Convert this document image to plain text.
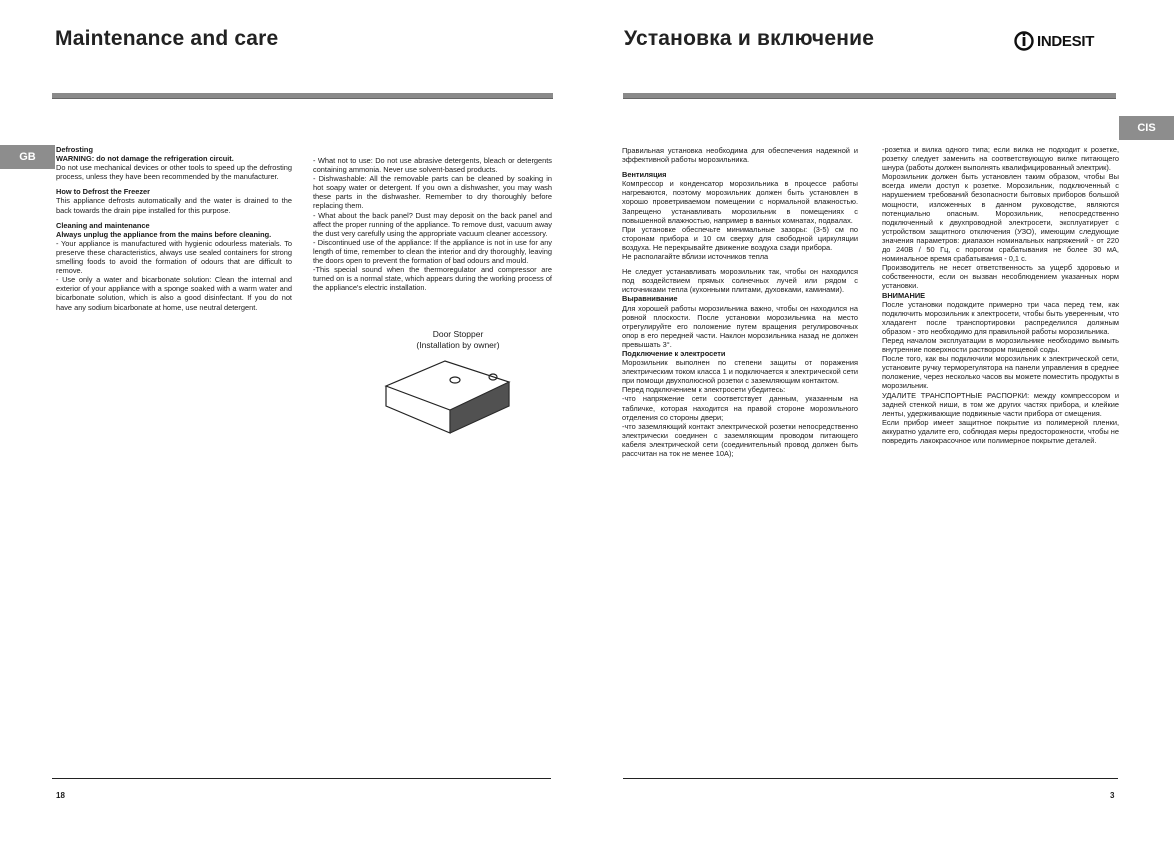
Maintenance and care
GB

Defrosting

WARNING: do not damage the refrigeration circuit.

Do not use mechanical devices or other tools to speed up the defrosting process, unless they have been recommended by the manufacturer.

How to Defrost the Freezer

This appliance defrosts automatically and the water is drained to the back towards the drain pipe installed for this purpose.

Cleaning and maintenance

Always unplug the appliance from the mains before cleaning.

- Your appliance is manufactured with hygienic odourless materials. To preserve these characteristics, always use sealed containers for strong smelling foods to avoid the formation of odours that are difficult to remove.

- Use only a water and bicarbonate solution: Clean the internal and exterior of your appliance with a sponge soaked with a warm water and bicarbonate solution, which is also a good disinfectant. If you do not have any sodium bicarbonate at home, use neutral detergent.

- What not to use: Do not use abrasive detergents, bleach or detergents containing ammonia. Never use solvent-based products.

- Dishwashable: All the removable parts can be cleaned by soaking in hot soapy water or detergent. If you own a dishwasher, you may wash these parts in the dishwasher. Remember to dry thoroughly before replacing them.

- What about the back panel? Dust may deposit on the back panel and affect the proper running of the appliance. To remove dust, vacuum away the dust very carefully using the appropriate vacuum cleaner accessory.

- Discontinued use of the appliance: If the appliance is not in use for any length of time, remember to clean the interior and dry thoroughly, leaving the doors open to prevent the formation of bad odours and mould.

-This special sound when the thermoregulator and compressor are turned on is a normal state, which appears during the working process of the appliance's electric installation.

Door Stopper
(Installation by owner)
18
Установка и включение	INDESIT
CIS

Правильная установка необходима для обеспечения надежной и эффективной работы морозильника.

Вентиляция

Компрессор и конденсатор морозильника в процессе работы нагреваются, поэтому морозильник должен быть установлен в хорошо проветриваемом помещении с нормальной влажностью. Запрещено устанавливать морозильник в помещениях с повышенной влажностью, например в ванных комнатах, подвалах.

При установке обеспечьте минимальные зазоры: (3-5) см по сторонам прибора и 10 см сверху для свободной циркуляции воздуха. Не перекрывайте движение воздуха сзади прибора.

Не располагайте вблизи источников тепла

Не следует устанавливать морозильник так, чтобы он находился под воздействием прямых солнечных лучей или рядом с источниками тепла (кухонными плитами, духовками, каминами).

Выравнивание

Для хорошей работы морозильника важно, чтобы он находился на ровной плоскости. После установки морозильника на место отрегулируйте его положение путем вращения регулировочных опор в его передней части. Наклон морозильника назад не должен превышать 3°.

Подключение к электросети

Морозильник выполнен по степени защиты от поражения электрическим током класса 1 и подключается к электрической сети при помощи двухполюсной розетки с заземляющим контактом.

Перед подключением к электросети убедитесь:

-что напряжение сети соответствует данным, указанным на табличке, которая находится на правой стороне морозильного отделения со стороны двери;

-что заземляющий контакт электрической розетки непосредственно электрически соединен с заземляющим проводом питающего кабеля электрической сети (соединительный провод должен быть рассчитан на ток не менее 10А);

-розетка и вилка одного типа; если вилка не подходит к розетке, розетку следует заменить на соответствующую вилке питающего шнура (работы должен выполнять квалифицированный электрик).

Морозильник должен быть установлен таким образом, чтобы Вы всегда имели доступ к розетке. Морозильник, подключенный с нарушением требований безопасности бытовых приборов большой мощности, изложенных в данном руководстве, являются потенциально опасным. Морозильник, непосредственно подключенный к двухпроводной электросети, эксплуатирует с устройством защитного отключения (УЗО), имеющим следующие значения параметров: диапазон номинальных напряжений - от 220 до 240В / 50 Гц, с порогом срабатывания не более 30 мА, номинальное время срабатывания - 0,1 с.

Производитель не несет ответственность за ущерб здоровью и собственности, если он вызван несоблюдением указанных норм установки.

ВНИМАНИЕ

После установки подождите примерно три часа перед тем, как подключить морозильник к электросети, чтобы быть уверенным, что хладагент после транспортировки распределился должным образом - это необходимо для правильной работы морозильника.

Перед началом эксплуатации в морозильнике необходимо вымыть внутренние поверхности раствором пищевой соды.

После того, как вы подключили морозильник к электрической сети, установите ручку терморегулятора на панели управления в среднее положение, через несколько часов вы можете поместить продукты в морозильник.

УДАЛИТЕ ТРАНСПОРТНЫЕ РАСПОРКИ: между компрессором и задней стенкой ниши, в том же других частях прибора, и клейкие ленты, удерживающие подвижные части прибора от смещения.

Если прибор имеет защитное покрытие из полимерной пленки, аккуратно удалите его, соблюдая меры предосторожности, чтобы не повредить лакокрасочное или полимерное покрытие деталей.

3
